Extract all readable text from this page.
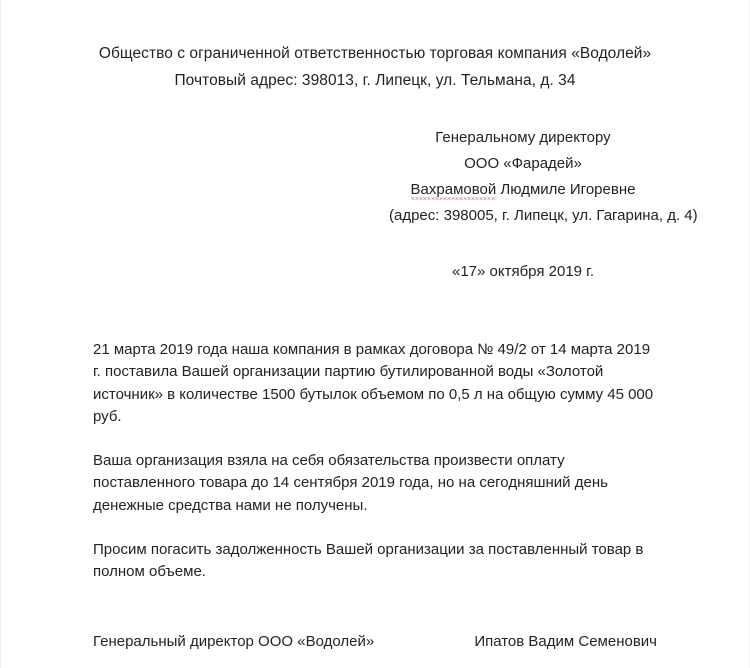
Общество с ограниченной ответственностью торговая компания «Водолей»
Почтовый адрес: 398013, г. Липецк, ул. Тельмана, д. 34
Генеральному директору
ООО «Фарадей»
Вахрамовой Людмиле Игоревне
(адрес: 398005, г. Липецк, ул. Гагарина, д. 4)
«17» октября 2019 г.

21 марта 2019 года наша компания в рамках договора № 49/2 от 14 марта 2019 г. поставила Вашей организации партию бутилированной воды «Золотой источник» в количестве 1500 бутылок объемом по 0,5 л на общую сумму 45 000 руб.

Ваша организация взяла на себя обязательства произвести оплату поставленного товара до 14 сентября 2019 года, но на сегодняшний день денежные средства нами не получены.

Просим погасить задолженность Вашей организации за поставленный товар в полном объеме.

Генеральный директор ООО «Водолей»	Ипатов Вадим Семенович
